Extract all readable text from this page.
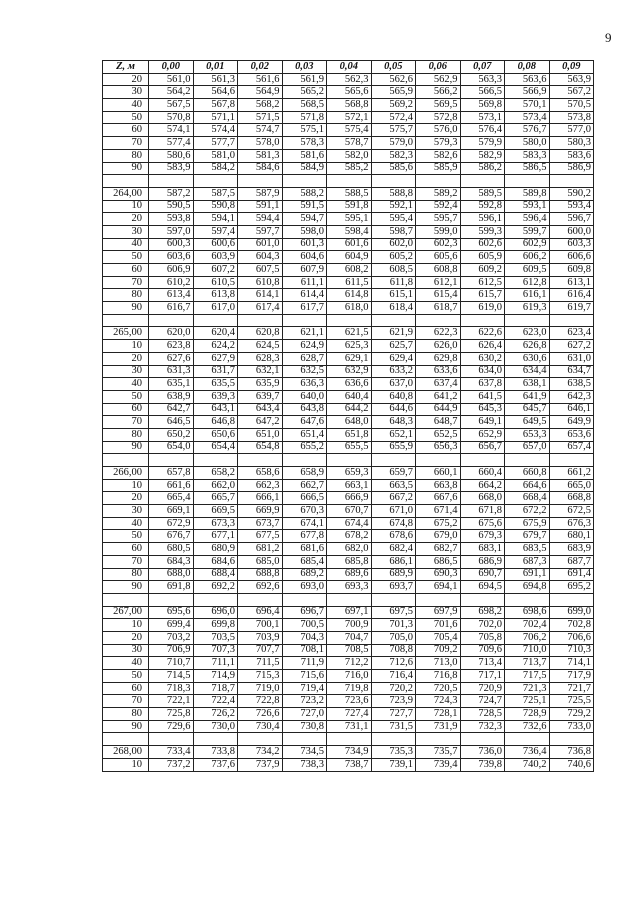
9
Z, м	0,00	0,01	0,02	0,03	0,04	0,05	0,06	0,07	0,08	0,09
20	561,0	561,3	561,6	561,9	562,3	562,6	562,9	563,3	563,6	563,9
30	564,2	564,6	564,9	565,2	565,6	565,9	566,2	566,5	566,9	567,2
40	567,5	567,8	568,2	568,5	568,8	569,2	569,5	569,8	570,1	570,5
50	570,8	571,1	571,5	571,8	572,1	572,4	572,8	573,1	573,4	573,8
60	574,1	574,4	574,7	575,1	575,4	575,7	576,0	576,4	576,7	577,0
70	577,4	577,7	578,0	578,3	578,7	579,0	579,3	579,9	580,0	580,3
80	580,6	581,0	581,3	581,6	582,0	582,3	582,6	582,9	583,3	583,6
90	583,9	584,2	584,6	584,9	585,2	585,6	585,9	586,2	586,5	586,9

264,00	587,2	587,5	587,9	588,2	588,5	588,8	589,2	589,5	589,8	590,2
10	590,5	590,8	591,1	591,5	591,8	592,1	592,4	592,8	593,1	593,4
20	593,8	594,1	594,4	594,7	595,1	595,4	595,7	596,1	596,4	596,7
30	597,0	597,4	597,7	598,0	598,4	598,7	599,0	599,3	599,7	600,0
40	600,3	600,6	601,0	601,3	601,6	602,0	602,3	602,6	602,9	603,3
50	603,6	603,9	604,3	604,6	604,9	605,2	605,6	605,9	606,2	606,6
60	606,9	607,2	607,5	607,9	608,2	608,5	608,8	609,2	609,5	609,8
70	610,2	610,5	610,8	611,1	611,5	611,8	612,1	612,5	612,8	613,1
80	613,4	613,8	614,1	614,4	614,8	615,1	615,4	615,7	616,1	616,4
90	616,7	617,0	617,4	617,7	618,0	618,4	618,7	619,0	619,3	619,7

265,00	620,0	620,4	620,8	621,1	621,5	621,9	622,3	622,6	623,0	623,4
10	623,8	624,2	624,5	624,9	625,3	625,7	626,0	626,4	626,8	627,2
20	627,6	627,9	628,3	628,7	629,1	629,4	629,8	630,2	630,6	631,0
30	631,3	631,7	632,1	632,5	632,9	633,2	633,6	634,0	634,4	634,7
40	635,1	635,5	635,9	636,3	636,6	637,0	637,4	637,8	638,1	638,5
50	638,9	639,3	639,7	640,0	640,4	640,8	641,2	641,5	641,9	642,3
60	642,7	643,1	643,4	643,8	644,2	644,6	644,9	645,3	645,7	646,1
70	646,5	646,8	647,2	647,6	648,0	648,3	648,7	649,1	649,5	649,9
80	650,2	650,6	651,0	651,4	651,8	652,1	652,5	652,9	653,3	653,6
90	654,0	654,4	654,8	655,2	655,5	655,9	656,3	656,7	657,0	657,4

266,00	657,8	658,2	658,6	658,9	659,3	659,7	660,1	660,4	660,8	661,2
10	661,6	662,0	662,3	662,7	663,1	663,5	663,8	664,2	664,6	665,0
20	665,4	665,7	666,1	666,5	666,9	667,2	667,6	668,0	668,4	668,8
30	669,1	669,5	669,9	670,3	670,7	671,0	671,4	671,8	672,2	672,5
40	672,9	673,3	673,7	674,1	674,4	674,8	675,2	675,6	675,9	676,3
50	676,7	677,1	677,5	677,8	678,2	678,6	679,0	679,3	679,7	680,1
60	680,5	680,9	681,2	681,6	682,0	682,4	682,7	683,1	683,5	683,9
70	684,3	684,6	685,0	685,4	685,8	686,1	686,5	686,9	687,3	687,7
80	688,0	688,4	688,8	689,2	689,6	689,9	690,3	690,7	691,1	691,4
90	691,8	692,2	692,6	693,0	693,3	693,7	694,1	694,5	694,8	695,2

267,00	695,6	696,0	696,4	696,7	697,1	697,5	697,9	698,2	698,6	699,0
10	699,4	699,8	700,1	700,5	700,9	701,3	701,6	702,0	702,4	702,8
20	703,2	703,5	703,9	704,3	704,7	705,0	705,4	705,8	706,2	706,6
30	706,9	707,3	707,7	708,1	708,5	708,8	709,2	709,6	710,0	710,3
40	710,7	711,1	711,5	711,9	712,2	712,6	713,0	713,4	713,7	714,1
50	714,5	714,9	715,3	715,6	716,0	716,4	716,8	717,1	717,5	717,9
60	718,3	718,7	719,0	719,4	719,8	720,2	720,5	720,9	721,3	721,7
70	722,1	722,4	722,8	723,2	723,6	723,9	724,3	724,7	725,1	725,5
80	725,8	726,2	726,6	727,0	727,4	727,7	728,1	728,5	728,9	729,2
90	729,6	730,0	730,4	730,8	731,1	731,5	731,9	732,3	732,6	733,0

268,00	733,4	733,8	734,2	734,5	734,9	735,3	735,7	736,0	736,4	736,8
10	737,2	737,6	737,9	738,3	738,7	739,1	739,4	739,8	740,2	740,6
